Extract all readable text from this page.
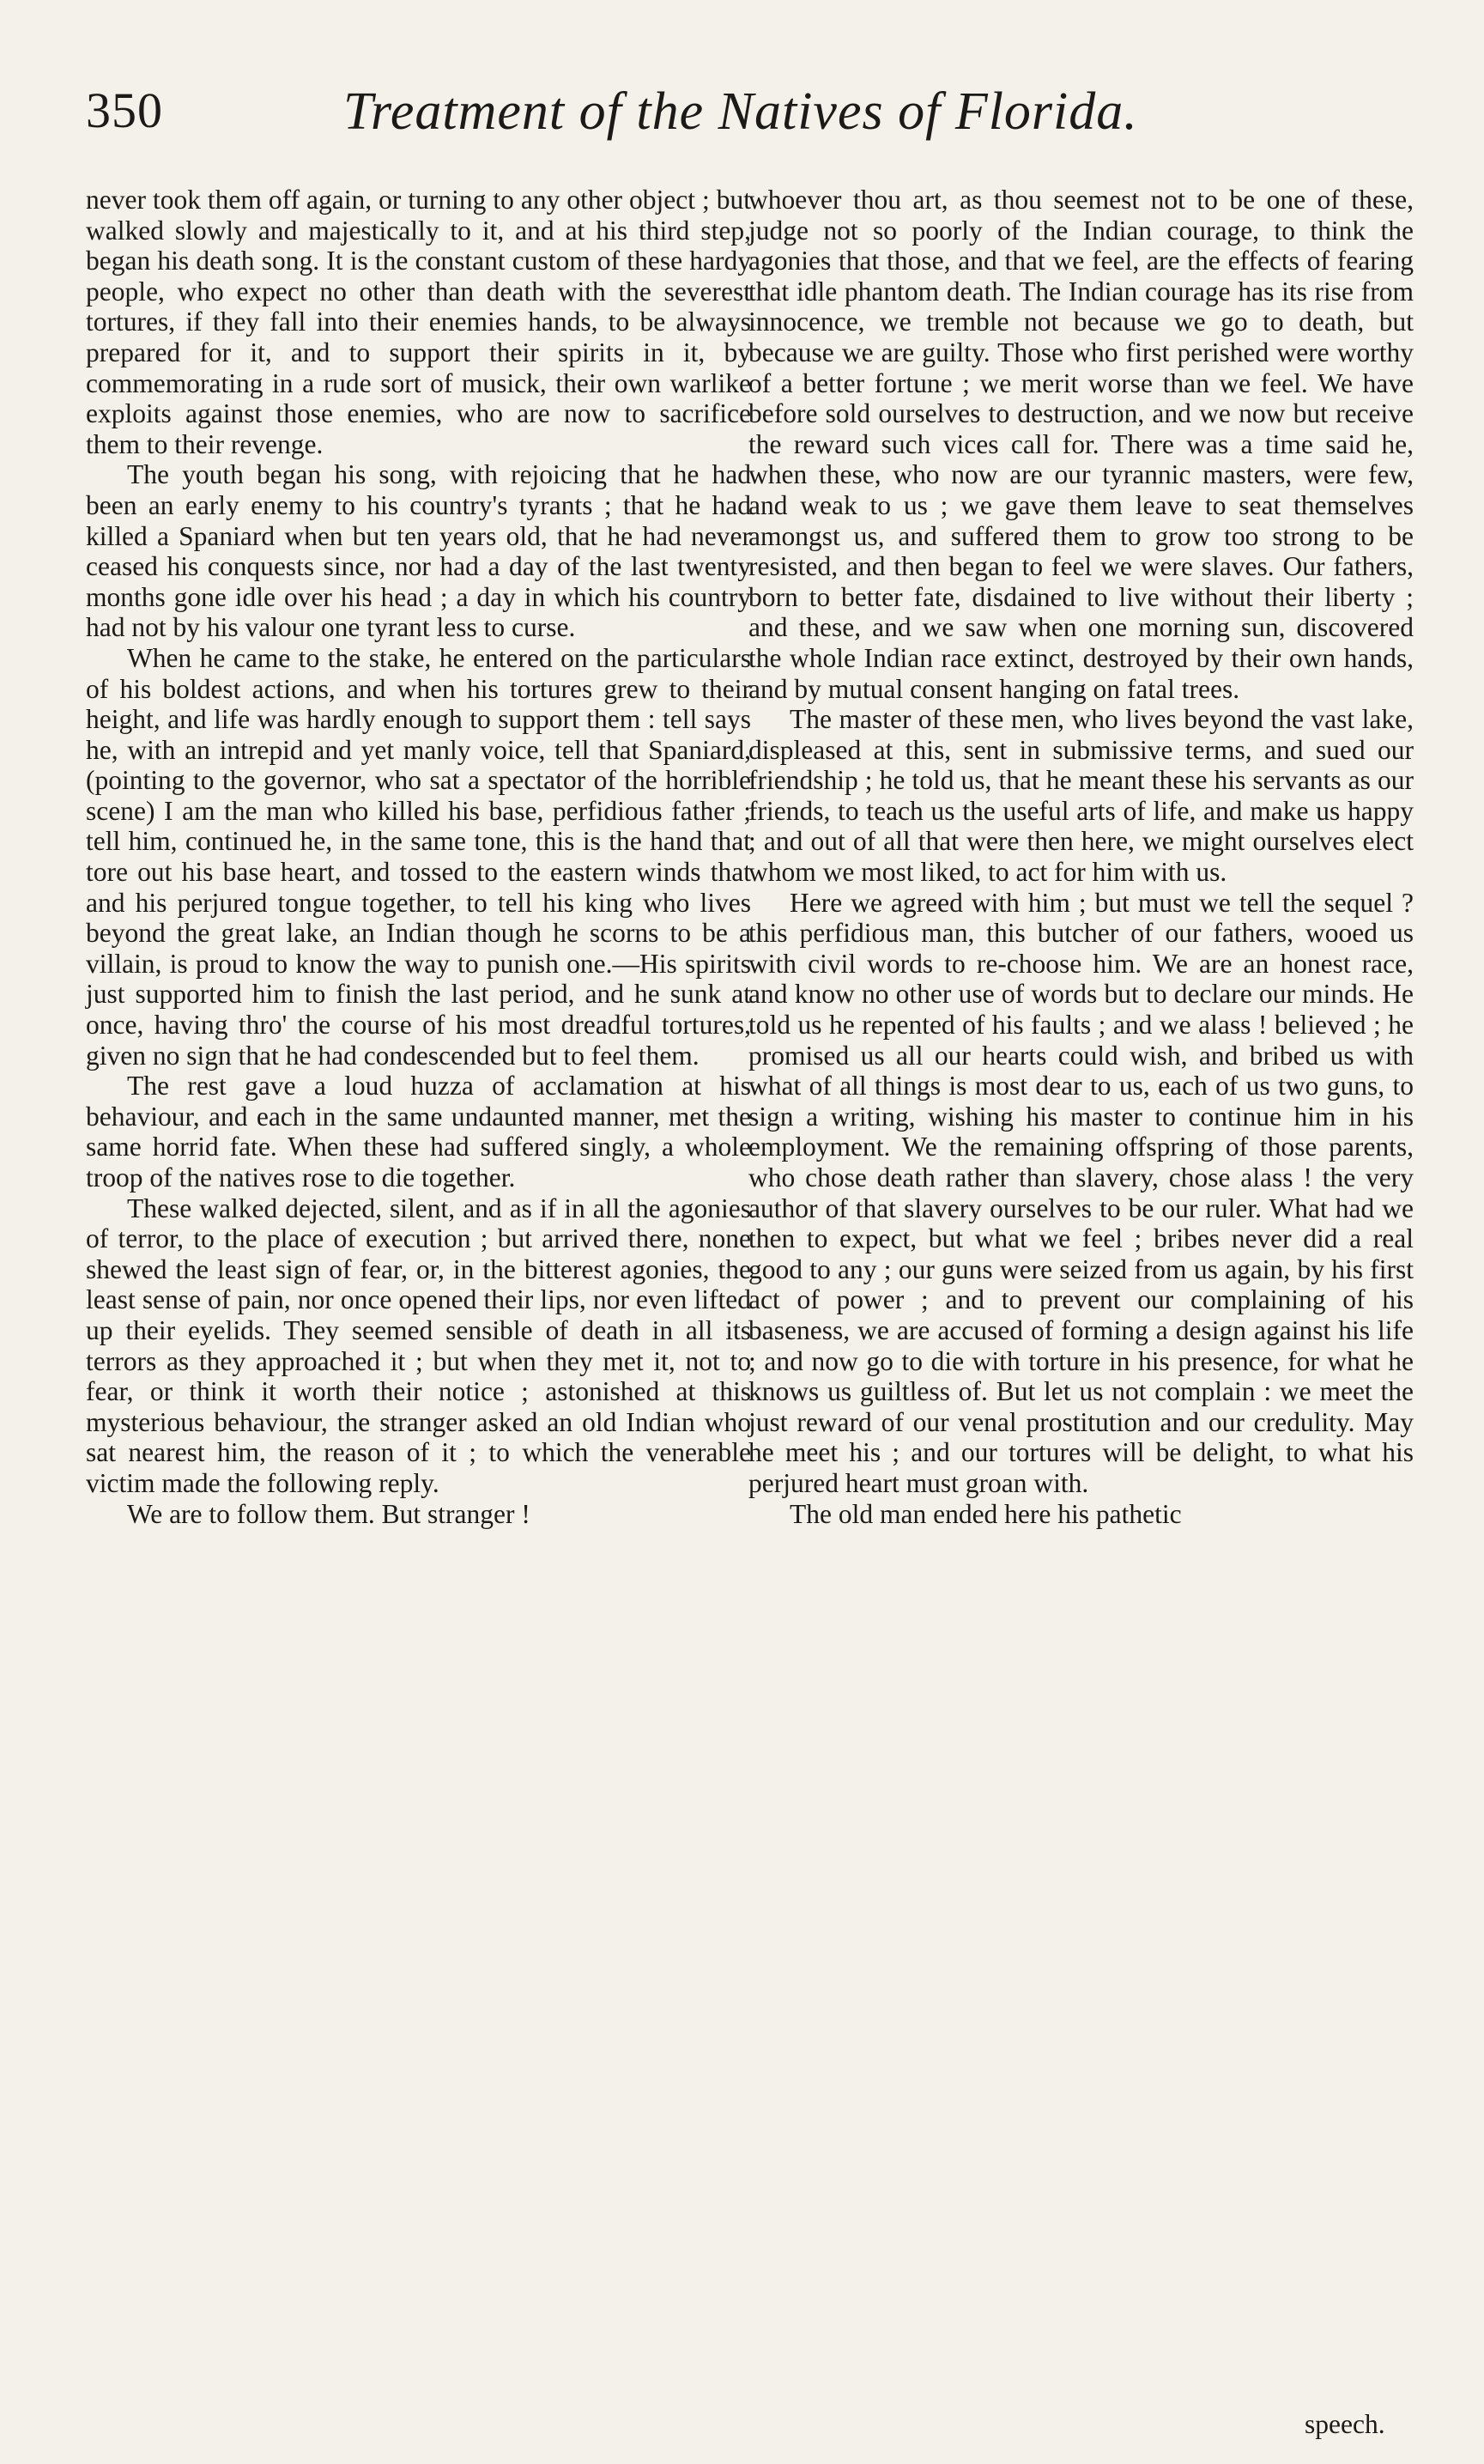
350	Treatment of the Natives of Florida.

never took them off again, or turning to any other object ; but walked slowly and majestically to it, and at his third step, began his death song. It is the constant custom of these hardy people, who expect no other than death with the severest tortures, if they fall into their enemies hands, to be always prepared for it, and to support their spirits in it, by commemorating in a rude sort of musick, their own warlike exploits against those enemies, who are now to sacrifice them to their revenge.

The youth began his song, with rejoicing that he had been an early enemy to his country's tyrants ; that he had killed a Spaniard when but ten years old, that he had never ceased his conquests since, nor had a day of the last twenty months gone idle over his head ; a day in which his country had not by his valour one tyrant less to curse.

When he came to the stake, he entered on the particulars of his boldest actions, and when his tortures grew to their height, and life was hardly enough to support them : tell says he, with an intrepid and yet manly voice, tell that Spaniard, (pointing to the governor, who sat a spectator of the horrible scene) I am the man who killed his base, perfidious father ; tell him, continued he, in the same tone, this is the hand that tore out his base heart, and tossed to the eastern winds that and his perjured tongue together, to tell his king who lives beyond the great lake, an Indian though he scorns to be a villain, is proud to know the way to punish one.—His spirits just supported him to finish the last period, and he sunk at once, having thro' the course of his most dreadful tortures, given no sign that he had condescended but to feel them.

The rest gave a loud huzza of acclamation at his behaviour, and each in the same undaunted manner, met the same horrid fate. When these had suffered singly, a whole troop of the natives rose to die together.

These walked dejected, silent, and as if in all the agonies of terror, to the place of execution ; but arrived there, none shewed the least sign of fear, or, in the bitterest agonies, the least sense of pain, nor once opened their lips, nor even lifted up their eyelids. They seemed sensible of death in all its terrors as they approached it ; but when they met it, not to fear, or think it worth their notice ; astonished at this mysterious behaviour, the stranger asked an old Indian who sat nearest him, the reason of it ; to which the venerable victim made the following reply.

We are to follow them. But stranger !

whoever thou art, as thou seemest not to be one of these, judge not so poorly of the Indian courage, to think the agonies that those, and that we feel, are the effects of fearing that idle phantom death. The Indian courage has its rise from innocence, we tremble not because we go to death, but because we are guilty. Those who first perished were worthy of a better fortune ; we merit worse than we feel. We have before sold ourselves to destruction, and we now but receive the reward such vices call for. There was a time said he, when these, who now are our tyrannic masters, were few, and weak to us ; we gave them leave to seat themselves amongst us, and suffered them to grow too strong to be resisted, and then began to feel we were slaves. Our fathers, born to better fate, disdained to live without their liberty ; and these, and we saw when one morning sun, discovered the whole Indian race extinct, destroyed by their own hands, and by mutual consent hanging on fatal trees.

The master of these men, who lives beyond the vast lake, displeased at this, sent in submissive terms, and sued our friendship ; he told us, that he meant these his servants as our friends, to teach us the useful arts of life, and make us happy ; and out of all that were then here, we might ourselves elect whom we most liked, to act for him with us.

Here we agreed with him ; but must we tell the sequel ? this perfidious man, this butcher of our fathers, wooed us with civil words to re-choose him. We are an honest race, and know no other use of words but to declare our minds. He told us he repented of his faults ; and we alass ! believed ; he promised us all our hearts could wish, and bribed us with what of all things is most dear to us, each of us two guns, to sign a writing, wishing his master to continue him in his employment. We the remaining offspring of those parents, who chose death rather than slavery, chose alass ! the very author of that slavery ourselves to be our ruler. What had we then to expect, but what we feel ; bribes never did a real good to any ; our guns were seized from us again, by his first act of power ; and to prevent our complaining of his baseness, we are accused of forming a design against his life ; and now go to die with torture in his presence, for what he knows us guiltless of. But let us not complain : we meet the just reward of our venal prostitution and our credulity. May he meet his ; and our tortures will be delight, to what his perjured heart must groan with.

The old man ended here his pathetic

speech.
